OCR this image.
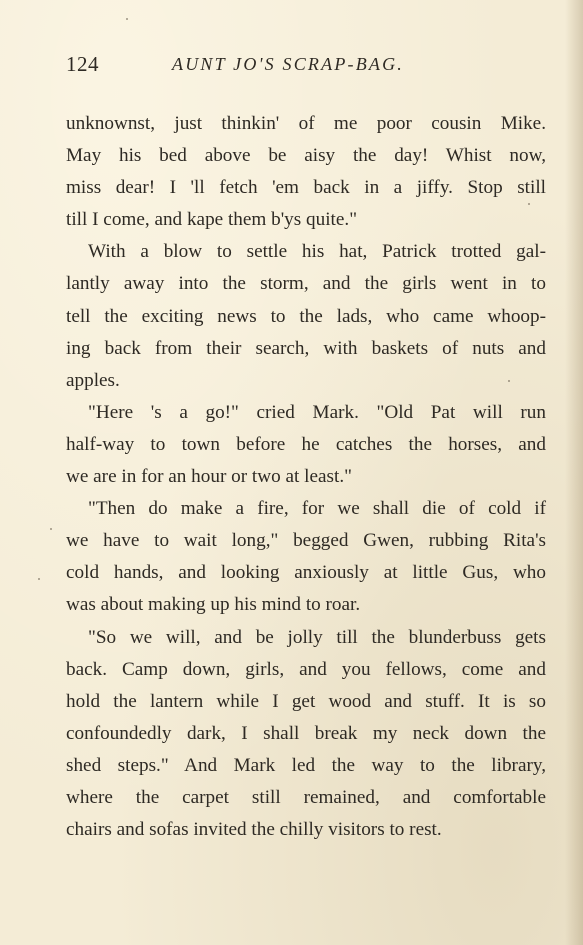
124	AUNT JO'S SCRAP-BAG.
unknownst, just thinkin' of me poor cousin Mike.
May his bed above be aisy the day! Whist now,
miss dear! I 'll fetch 'em back in a jiffy. Stop still
till I come, and kape them b'ys quite."
With a blow to settle his hat, Patrick trotted gal-
lantly away into the storm, and the girls went in to
tell the exciting news to the lads, who came whoop-
ing back from their search, with baskets of nuts and
apples.
"Here 's a go!" cried Mark. "Old Pat will run
half-way to town before he catches the horses, and
we are in for an hour or two at least."
"Then do make a fire, for we shall die of cold if
we have to wait long," begged Gwen, rubbing Rita's
cold hands, and looking anxiously at little Gus, who
was about making up his mind to roar.
"So we will, and be jolly till the blunderbuss gets
back. Camp down, girls, and you fellows, come and
hold the lantern while I get wood and stuff. It is so
confoundedly dark, I shall break my neck down the
shed steps." And Mark led the way to the library,
where the carpet still remained, and comfortable
chairs and sofas invited the chilly visitors to rest.
